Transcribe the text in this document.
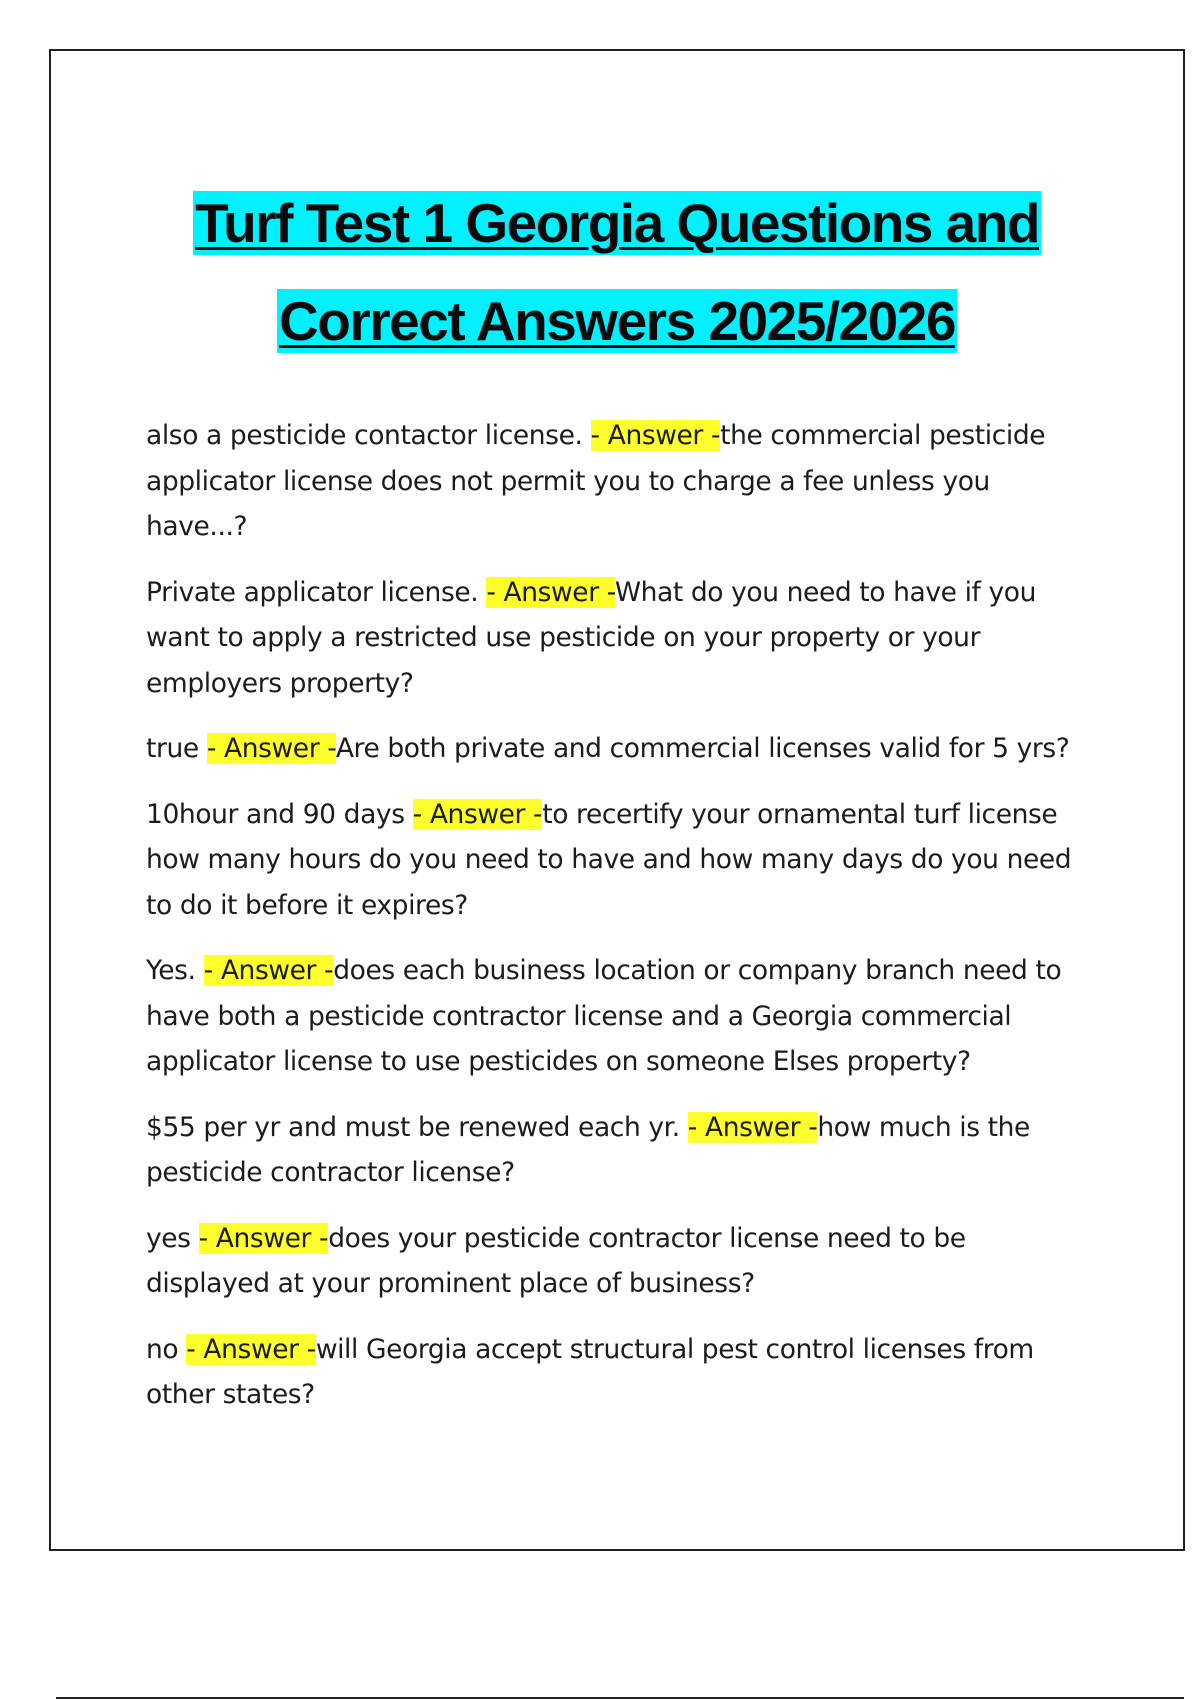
Turf Test 1 Georgia Questions and
Correct Answers 2025/2026

also a pesticide contactor license. - Answer -the commercial pesticide applicator license does not permit you to charge a fee unless you have...?

Private applicator license. - Answer -What do you need to have if you want to apply a restricted use pesticide on your property or your employers property?

true - Answer -Are both private and commercial licenses valid for 5 yrs?

10hour and 90 days - Answer -to recertify your ornamental turf license how many hours do you need to have and how many days do you need to do it before it expires?

Yes. - Answer -does each business location or company branch need to have both a pesticide contractor license and a Georgia commercial applicator license to use pesticides on someone Elses property?

$55 per yr and must be renewed each yr. - Answer -how much is the pesticide contractor license?

yes - Answer -does your pesticide contractor license need to be displayed at your prominent place of business?

no - Answer -will Georgia accept structural pest control licenses from other states?
